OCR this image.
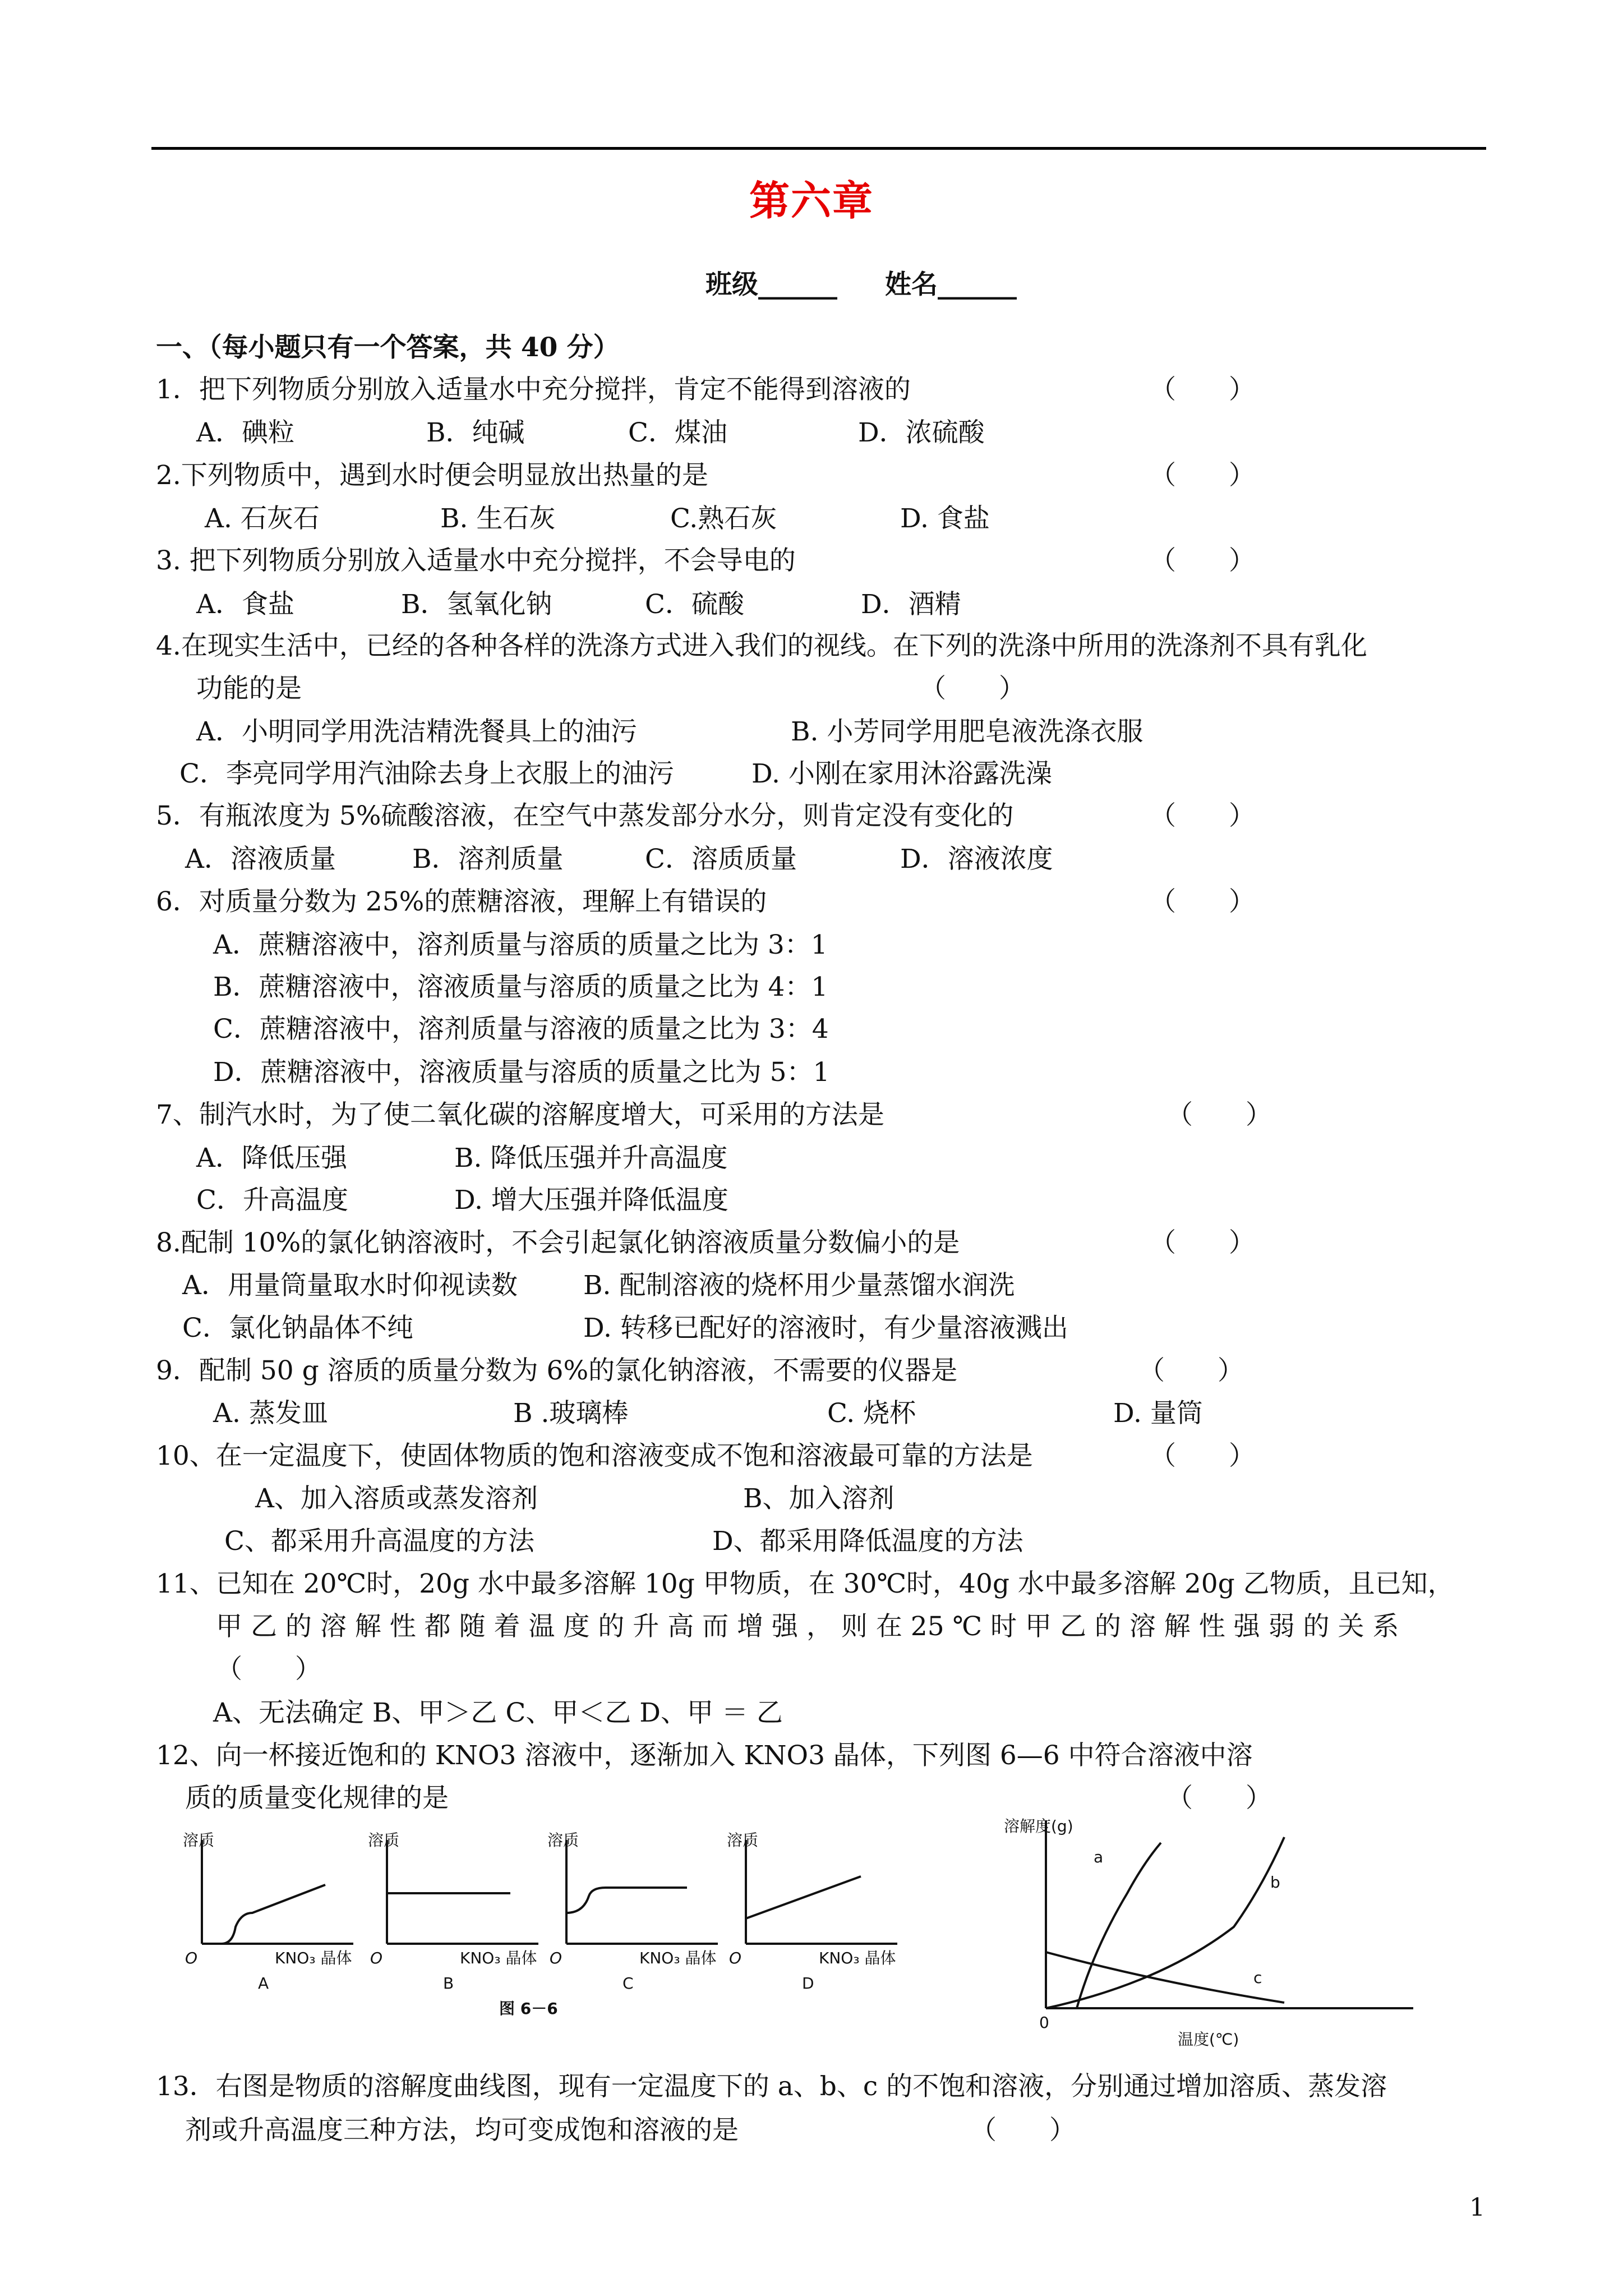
第六章
班级______ 姓名______
一、（每小题只有一个答案，共 40 分）
1．把下列物质分别放入适量水中充分搅拌，肯定不能得到溶液的	（　　）
A．碘粒	B．纯碱	C．煤油	D．浓硫酸
2.下列物质中，遇到水时便会明显放出热量的是	（　　）
A. 石灰石	B. 生石灰	C.熟石灰	D. 食盐
3. 把下列物质分别放入适量水中充分搅拌，不会导电的	（　　）
A．食盐	B．氢氧化钠	C．硫酸	D．酒精
4.在现实生活中，已经的各种各样的洗涤方式进入我们的视线。在下列的洗涤中所用的洗涤剂不具有乳化
功能的是	（　　）
A．小明同学用洗洁精洗餐具上的油污	B. 小芳同学用肥皂液洗涤衣服
C．李亮同学用汽油除去身上衣服上的油污	D. 小刚在家用沐浴露洗澡
5．有瓶浓度为 5%硫酸溶液，在空气中蒸发部分水分，则肯定没有变化的	（　　）
A．溶液质量	B．溶剂质量	C．溶质质量	D．溶液浓度
6．对质量分数为 25%的蔗糖溶液，理解上有错误的	（　　）
A．蔗糖溶液中，溶剂质量与溶质的质量之比为 3：1
B．蔗糖溶液中，溶液质量与溶质的质量之比为 4：1
C．蔗糖溶液中，溶剂质量与溶液的质量之比为 3：4
D．蔗糖溶液中，溶液质量与溶质的质量之比为 5：1
7、制汽水时，为了使二氧化碳的溶解度增大，可采用的方法是	（　　）
A．降低压强	B. 降低压强并升高温度
C．升高温度	D. 增大压强并降低温度
8.配制 10%的氯化钠溶液时，不会引起氯化钠溶液质量分数偏小的是	（　　）
A．用量筒量取水时仰视读数 B. 配制溶液的烧杯用少量蒸馏水润洗
C．氯化钠晶体不纯	D. 转移已配好的溶液时，有少量溶液溅出
9．配制 50 g 溶质的质量分数为 6%的氯化钠溶液，不需要的仪器是	（　　）
A. 蒸发皿	B .玻璃棒	C. 烧杯	D. 量筒
10、在一定温度下，使固体物质的饱和溶液变成不饱和溶液最可靠的方法是	（　　）
A、加入溶质或蒸发溶剂	B、加入溶剂
C、都采用升高温度的方法	D、都采用降低温度的方法
11、已知在 20℃时，20g 水中最多溶解 10g 甲物质，在 30℃时，40g 水中最多溶解 20g 乙物质，且已知，
甲 乙 的 溶 解 性 都 随 着 温 度 的 升 高 而 增 强 ， 则 在 25 ℃ 时 甲 乙 的 溶 解 性 强 弱 的 关 系
（　　）
A、无法确定 B、甲＞乙 C、甲＜乙 D、甲 ＝ 乙
12、向一杯接近饱和的 KNO3 溶液中，逐渐加入 KNO3 晶体，下列图 6—6 中符合溶液中溶
质的质量变化规律的是	（　　）
溶质	溶质	溶质	溶质
O	O	O	O
KNO₃ 晶体	KNO₃ 晶体	KNO₃ 晶体	KNO₃ 晶体
A	B	C	D
图 6－6
溶解度(g)
0
温度(℃)
a
b
c
13．右图是物质的溶解度曲线图，现有一定温度下的 a、b、c 的不饱和溶液，分别通过增加溶质、蒸发溶
剂或升高温度三种方法，均可变成饱和溶液的是	（　　）
1
